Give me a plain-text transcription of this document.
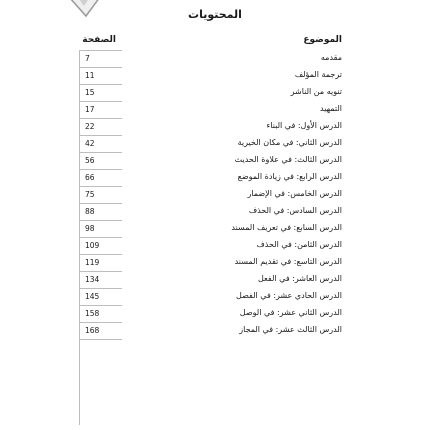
المحتويات
الصفحة	الموضوع
7
11
15
17
22
42
56
66
75
88
98
109
119
134
145
158
168
مقدمه
ترجمة المؤلف
تنويه من الناشر
التمهيد
الدرس الأول: في البناء
الدرس الثاني: في مكان الخيرية
الدرس الثالث: في علاوة الحديث
الدرس الرابع: في زيادة الموضع
الدرس الخامس: في الإضمار
الدرس السادس: في الحذف
الدرس السابع: في تعريف المسند
الدرس الثامن: في الحذف
الدرس التاسع: في تقديم المسند
الدرس العاشر: في الفعل
الدرس الحادي عشر: في الفصل
الدرس الثاني عشر: في الوصل
الدرس الثالث عشر: في المجاز
